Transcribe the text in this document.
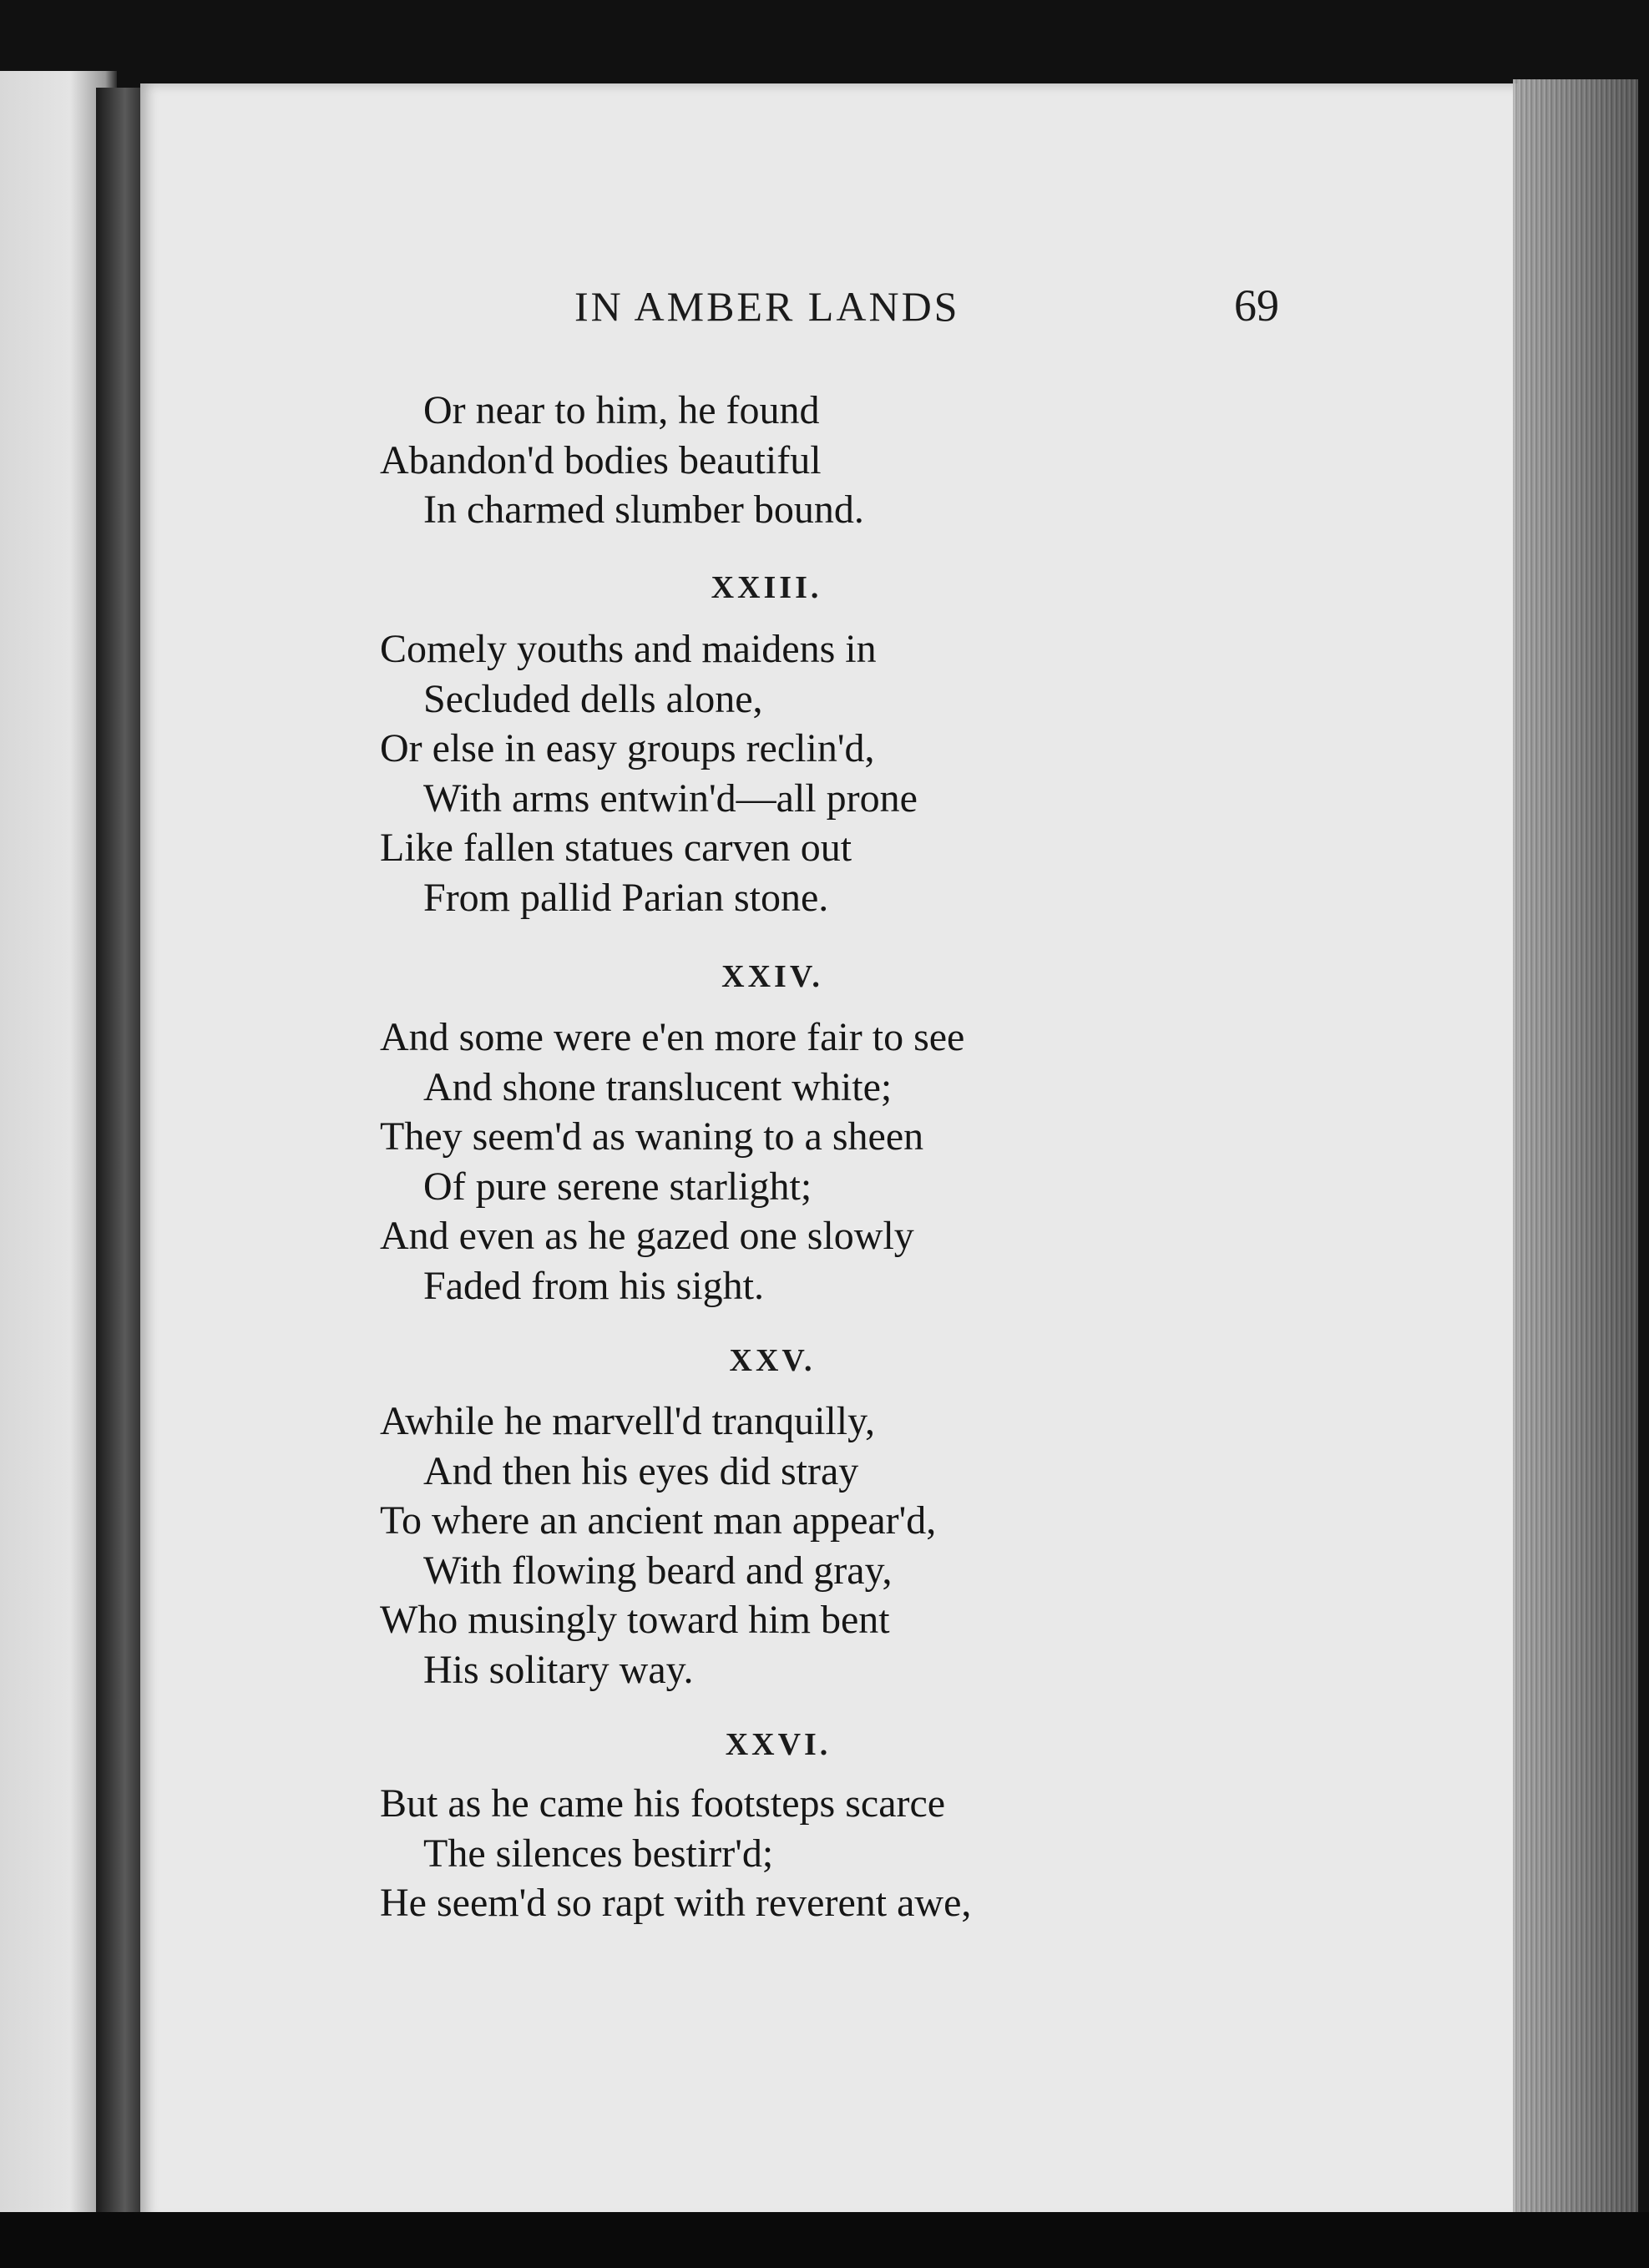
IN AMBER LANDS	69
Or near to him, he found
Abandon'd bodies beautiful
In charmed slumber bound.
XXIII.
Comely youths and maidens in
Secluded dells alone,
Or else in easy groups reclin'd,
With arms entwin'd—all prone
Like fallen statues carven out
From pallid Parian stone.
XXIV.
And some were e'en more fair to see
And shone translucent white;
They seem'd as waning to a sheen
Of pure serene starlight;
And even as he gazed one slowly
Faded from his sight.
XXV.
Awhile he marvell'd tranquilly,
And then his eyes did stray
To where an ancient man appear'd,
With flowing beard and gray,
Who musingly toward him bent
His solitary way.
XXVI.
But as he came his footsteps scarce
The silences bestirr'd;
He seem'd so rapt with reverent awe,
